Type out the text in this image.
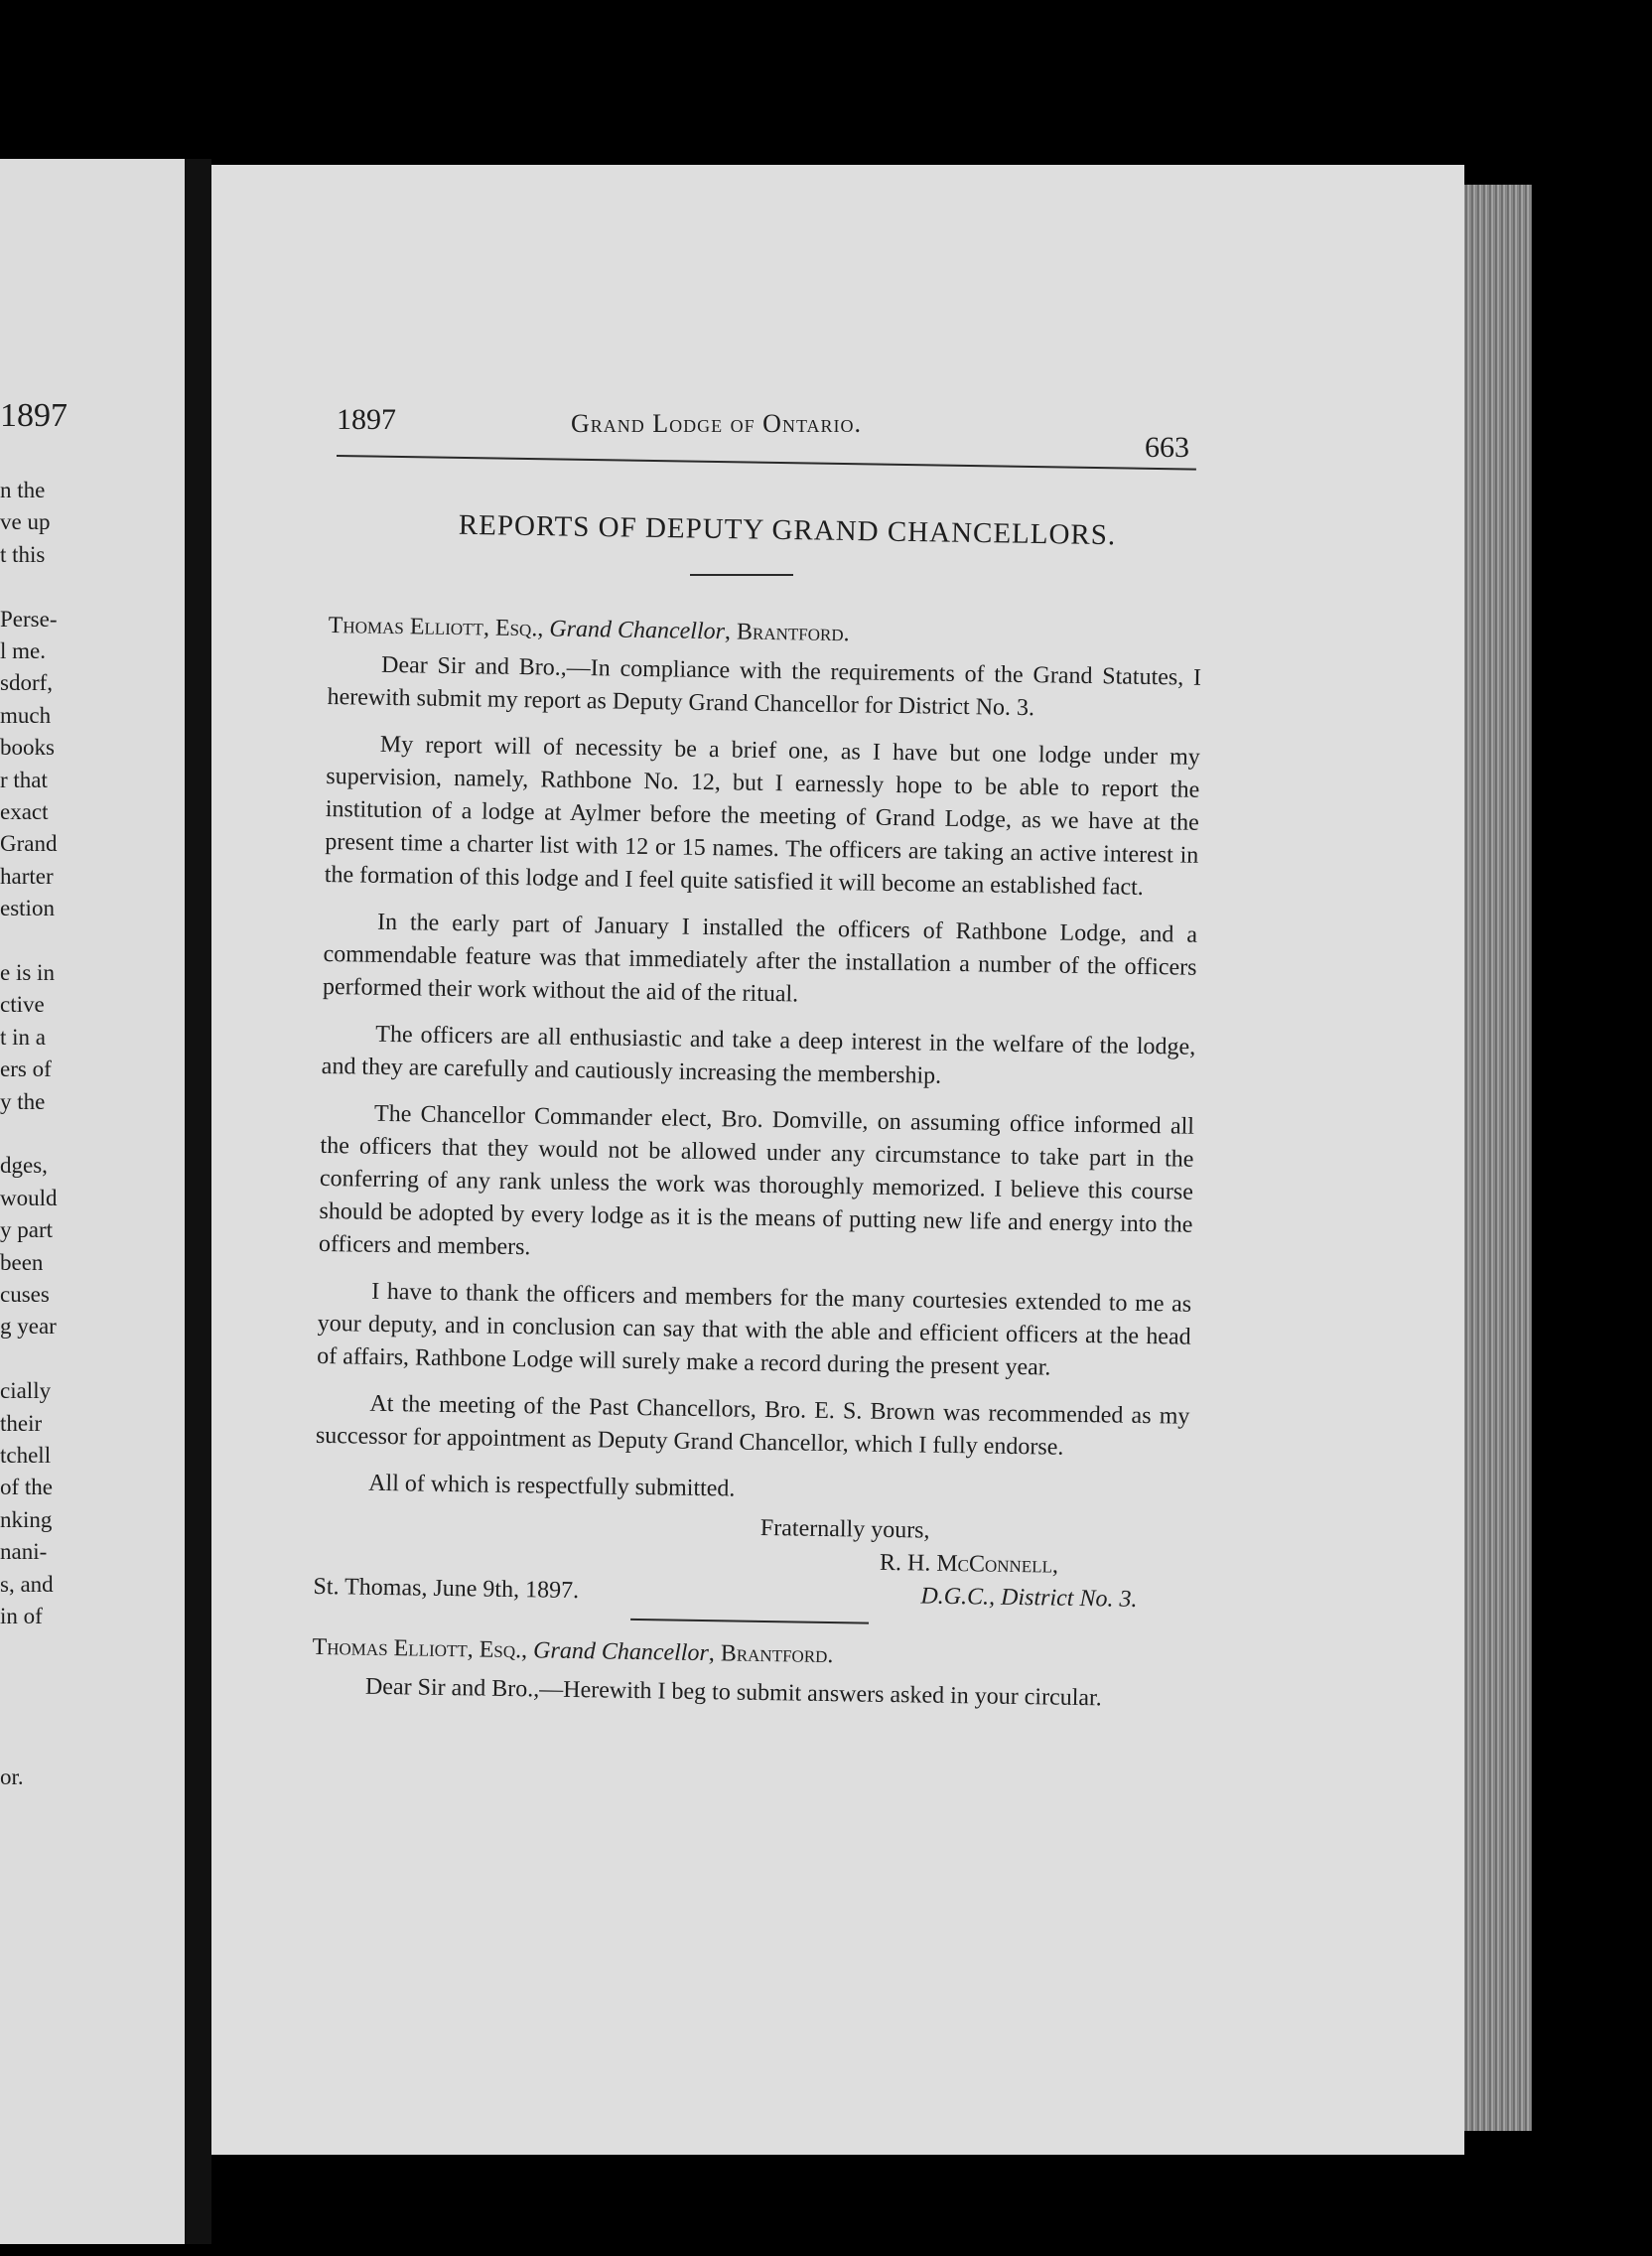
1897
n the
ve up
t this
Perse-
l me.
sdorf,
much
books
r that
exact
Grand
harter
estion
e is in
ctive
t in a
ers of
y the
dges,
would
y part
been
cuses
g year
cially
their
tchell
of the
nking
nani-
s, and
in of
or.
1897	Grand Lodge of Ontario.
663
REPORTS OF DEPUTY GRAND CHANCELLORS.

Thomas Elliott, Esq., Grand Chancellor, Brantford.

Dear Sir and Bro.,—In compliance with the requirements of the Grand Statutes, I herewith submit my report as Deputy Grand Chancellor for District No. 3.

My report will of necessity be a brief one, as I have but one lodge under my supervision, namely, Rathbone No. 12, but I earnessly hope to be able to report the institution of a lodge at Aylmer before the meeting of Grand Lodge, as we have at the present time a charter list with 12 or 15 names. The officers are taking an active interest in the formation of this lodge and I feel quite satisfied it will become an established fact.

In the early part of January I installed the officers of Rathbone Lodge, and a commendable feature was that immediately after the installation a number of the officers performed their work without the aid of the ritual.

The officers are all enthusiastic and take a deep interest in the welfare of the lodge, and they are carefully and cautiously increasing the membership.

The Chancellor Commander elect, Bro. Domville, on assuming office informed all the officers that they would not be allowed under any circumstance to take part in the conferring of any rank unless the work was thoroughly memorized. I believe this course should be adopted by every lodge as it is the means of putting new life and energy into the officers and members.

I have to thank the officers and members for the many courtesies extended to me as your deputy, and in conclusion can say that with the able and efficient officers at the head of affairs, Rathbone Lodge will surely make a record during the present year.

At the meeting of the Past Chancellors, Bro. E. S. Brown was recommended as my successor for appointment as Deputy Grand Chancellor, which I fully endorse.

All of which is respectfully submitted.

Fraternally yours,

R. H. McConnell,

St. Thomas, June 9th, 1897.	D.G.C., District No. 3.

Thomas Elliott, Esq., Grand Chancellor, Brantford.

Dear Sir and Bro.,—Herewith I beg to submit answers asked in your circular.
